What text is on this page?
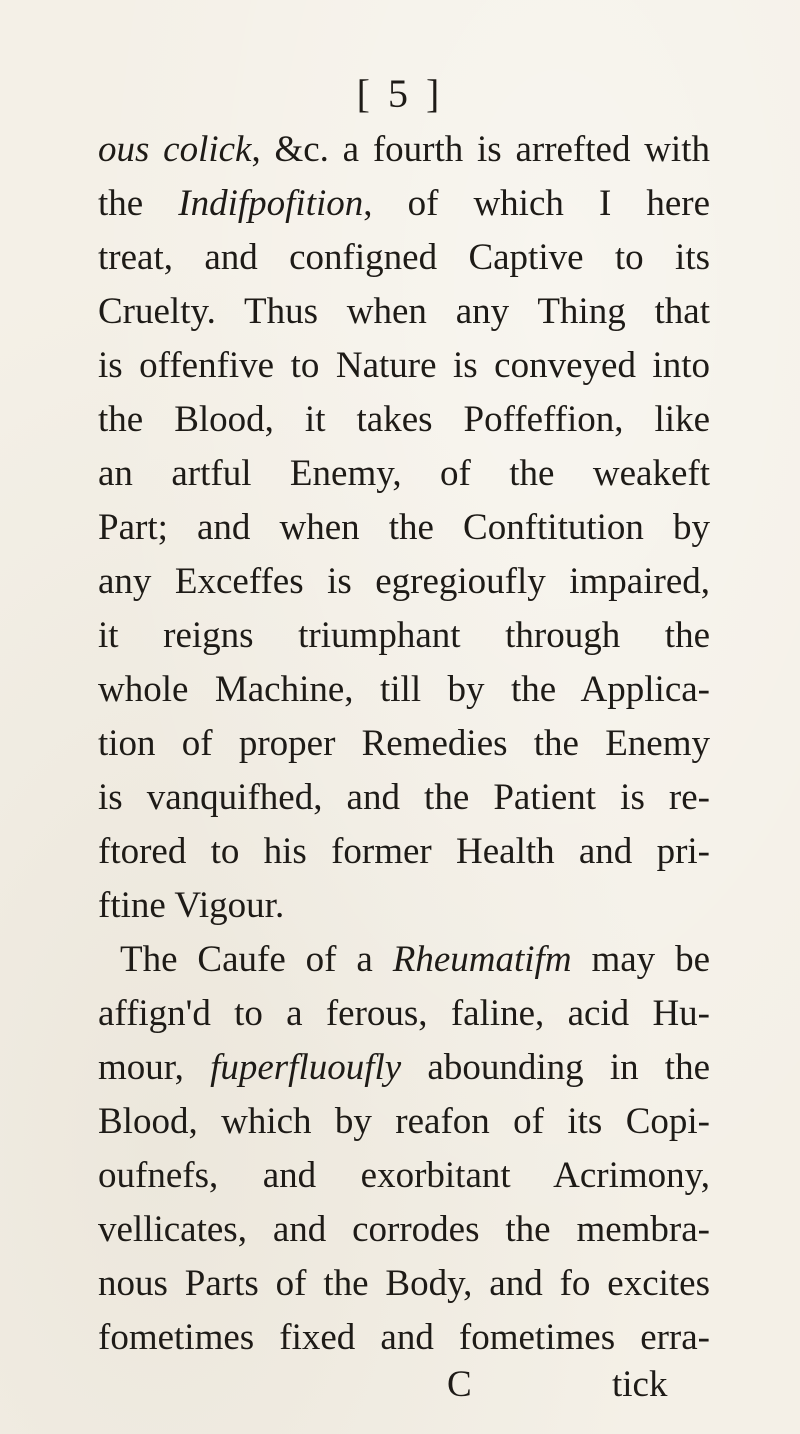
[ 5 ]
ous colick, &c. a fourth is arrefted with
the Indifpofition, of which I here
treat, and configned Captive to its
Cruelty. Thus when any Thing that
is offenfive to Nature is conveyed into
the Blood, it takes Poffeffion, like
an artful Enemy, of the weakeft
Part; and when the Conftitution by
any Exceffes is egregioufly impaired,
it reigns triumphant through the
whole Machine, till by the Applica-
tion of proper Remedies the Enemy
is vanquifhed, and the Patient is re-
ftored to his former Health and pri-
ftine Vigour.
The Caufe of a Rheumatifm may be
affign'd to a ferous, faline, acid Hu-
mour, fuperfluoufly abounding in the
Blood, which by reafon of its Copi-
oufnefs, and exorbitant Acrimony,
vellicates, and corrodes the membra-
nous Parts of the Body, and fo excites
fometimes fixed and fometimes erra-
C	tick
